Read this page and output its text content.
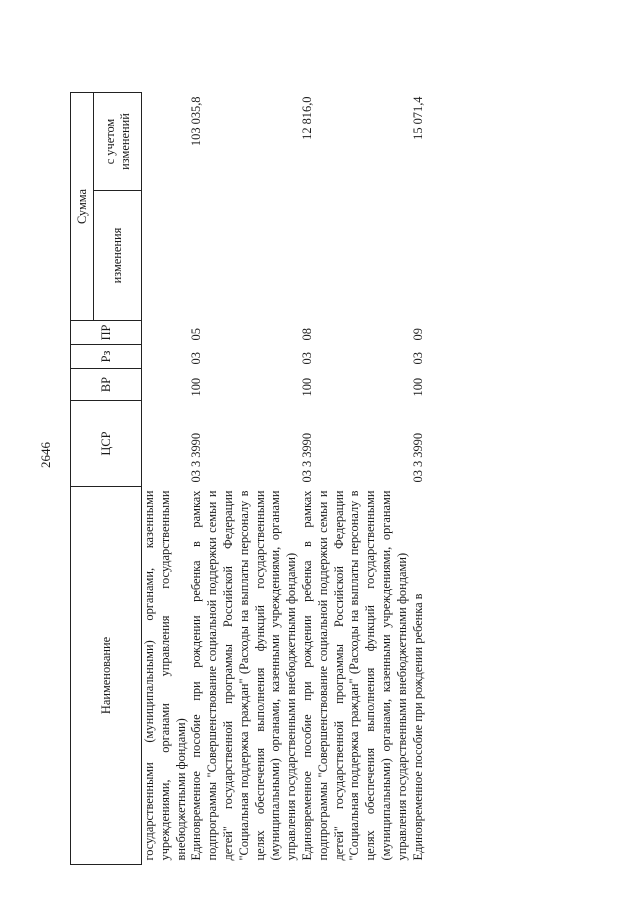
2646
Наименование	ЦСР	ВР	Рз	ПР	Сумма	
					изменения	с учетом изменений
государственными (муниципальными) органами, казенными учреждениями, органами управления государственными внебюджетными фондами)						
Единовременное пособие при рождении ребенка в рамках подпрограммы "Совершенствование социальной поддержки семьи и детей" государственной программы Российской Федерации "Социальная поддержка граждан" (Расходы на выплаты персоналу в целях обеспечения выполнения функций государственными (муниципальными) органами, казенными учреждениями, органами управления государственными внебюджетными фондами)	03 3 3990	100	03	05		103 035,8
Единовременное пособие при рождении ребенка в рамках подпрограммы "Совершенствование социальной поддержки семьи и детей" государственной программы Российской Федерации "Социальная поддержка граждан" (Расходы на выплаты персоналу в целях обеспечения выполнения функций государственными (муниципальными) органами, казенными учреждениями, органами управления государственными внебюджетными фондами)	03 3 3990	100	03	08		12 816,0
Единовременное пособие при рождении ребенка в	03 3 3990	100	03	09		15 071,4
